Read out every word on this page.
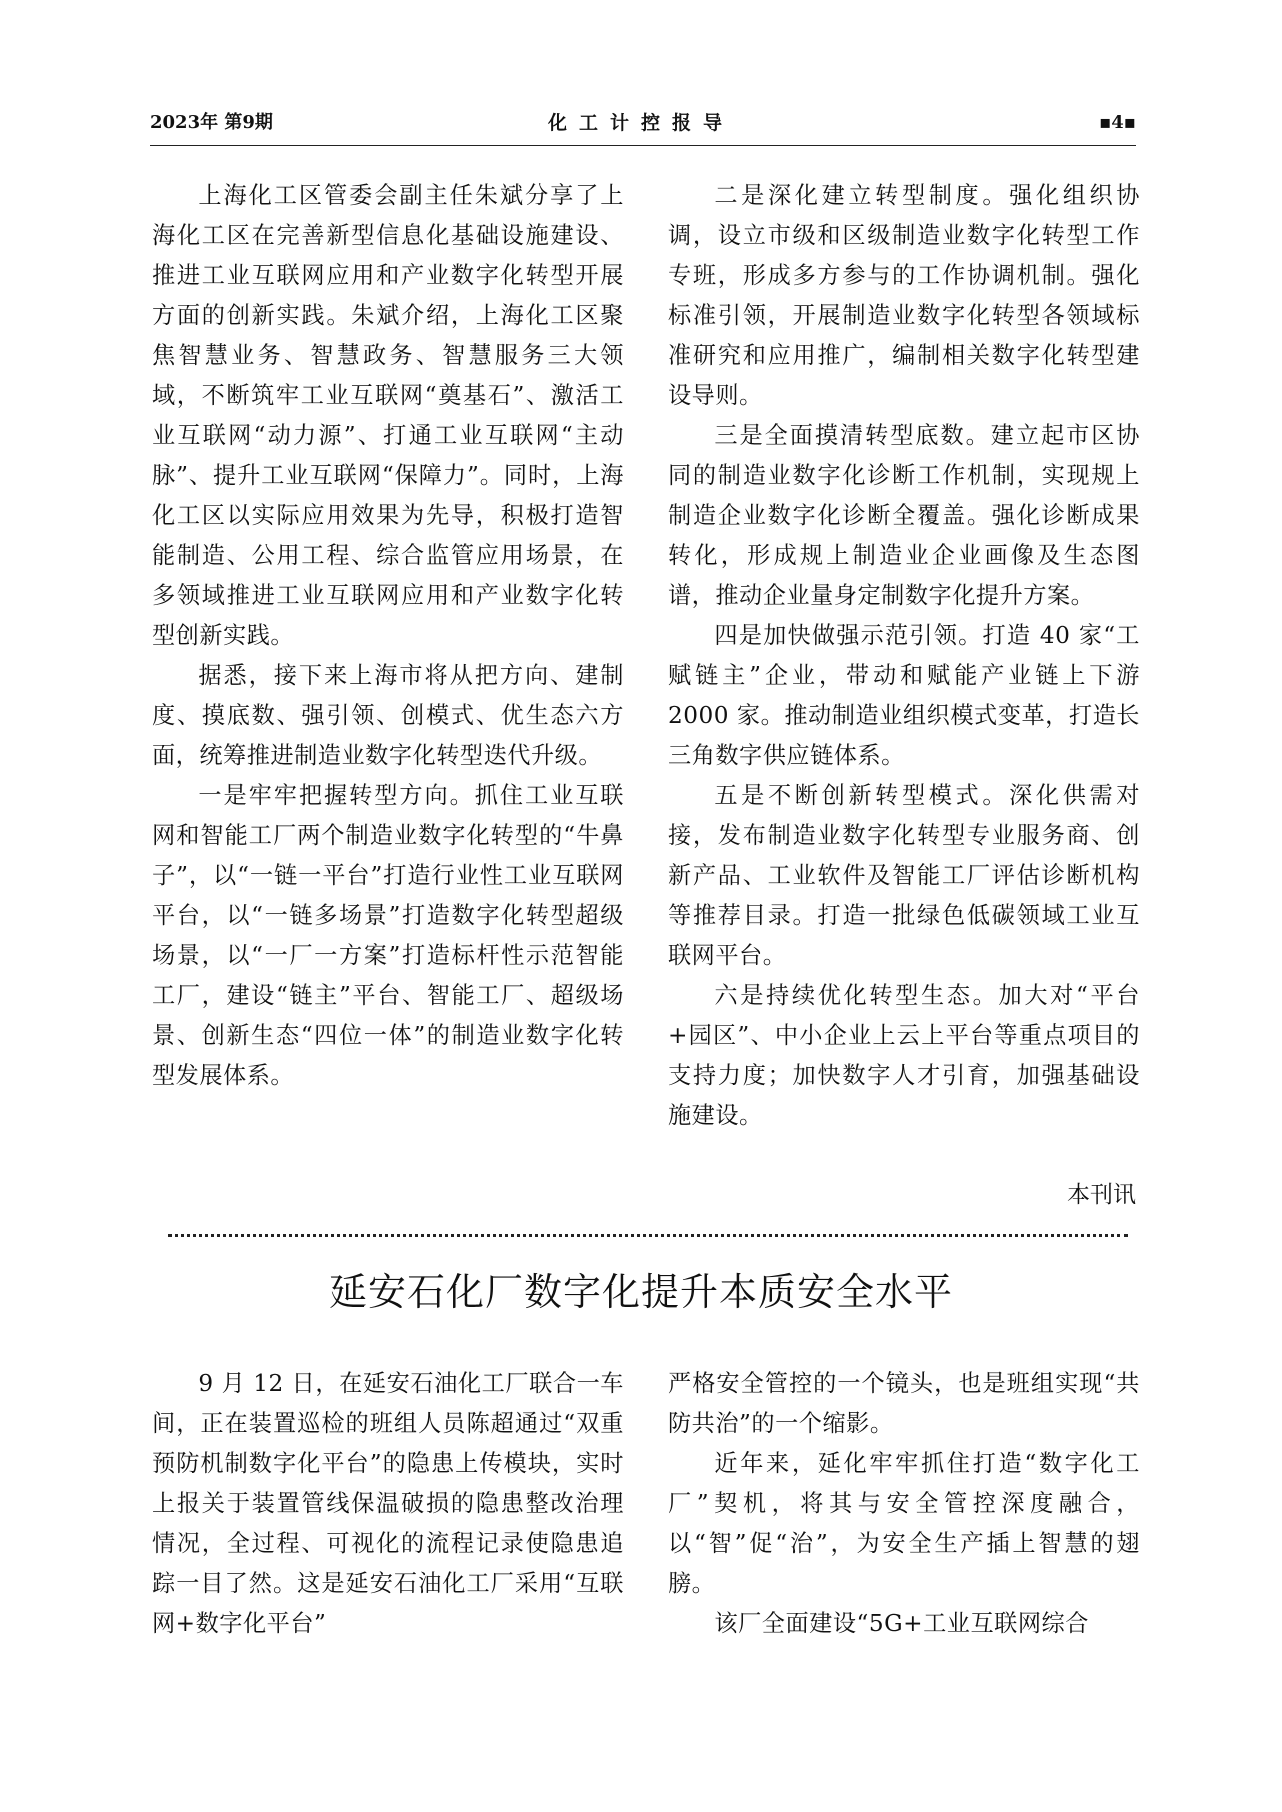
2023年 第9期	化工计控报导	▪4▪

上海化工区管委会副主任朱斌分享了上海化工区在完善新型信息化基础设施建设、推进工业互联网应用和产业数字化转型开展方面的创新实践。朱斌介绍，上海化工区聚焦智慧业务、智慧政务、智慧服务三大领域，不断筑牢工业互联网“奠基石”、激活工业互联网“动力源”、打通工业互联网“主动脉”、提升工业互联网“保障力”。同时，上海化工区以实际应用效果为先导，积极打造智能制造、公用工程、综合监管应用场景，在多领域推进工业互联网应用和产业数字化转型创新实践。

据悉，接下来上海市将从把方向、建制度、摸底数、强引领、创模式、优生态六方面，统筹推进制造业数字化转型迭代升级。

一是牢牢把握转型方向。抓住工业互联网和智能工厂两个制造业数字化转型的“牛鼻子”，以“一链一平台”打造行业性工业互联网平台，以“一链多场景”打造数字化转型超级场景，以“一厂一方案”打造标杆性示范智能工厂，建设“链主”平台、智能工厂、超级场景、创新生态“四位一体”的制造业数字化转型发展体系。

二是深化建立转型制度。强化组织协调，设立市级和区级制造业数字化转型工作专班，形成多方参与的工作协调机制。强化标准引领，开展制造业数字化转型各领域标准研究和应用推广，编制相关数字化转型建设导则。

三是全面摸清转型底数。建立起市区协同的制造业数字化诊断工作机制，实现规上制造企业数字化诊断全覆盖。强化诊断成果转化，形成规上制造业企业画像及生态图谱，推动企业量身定制数字化提升方案。

四是加快做强示范引领。打造 40 家“工赋链主”企业，带动和赋能产业链上下游 2000 家。推动制造业组织模式变革，打造长三角数字供应链体系。

五是不断创新转型模式。深化供需对接，发布制造业数字化转型专业服务商、创新产品、工业软件及智能工厂评估诊断机构等推荐目录。打造一批绿色低碳领域工业互联网平台。

六是持续优化转型生态。加大对“平台+园区”、中小企业上云上平台等重点项目的支持力度；加快数字人才引育，加强基础设施建设。

本刊讯
延安石化厂数字化提升本质安全水平

9 月 12 日，在延安石油化工厂联合一车间，正在装置巡检的班组人员陈超通过“双重预防机制数字化平台”的隐患上传模块，实时上报关于装置管线保温破损的隐患整改治理情况，全过程、可视化的流程记录使隐患追踪一目了然。这是延安石油化工厂采用“互联网+数字化平台”

严格安全管控的一个镜头，也是班组实现“共防共治”的一个缩影。

近年来，延化牢牢抓住打造“数字化工厂”契机，将其与安全管控深度融合，以“智”促“治”，为安全生产插上智慧的翅膀。

该厂全面建设“5G+工业互联网综合
